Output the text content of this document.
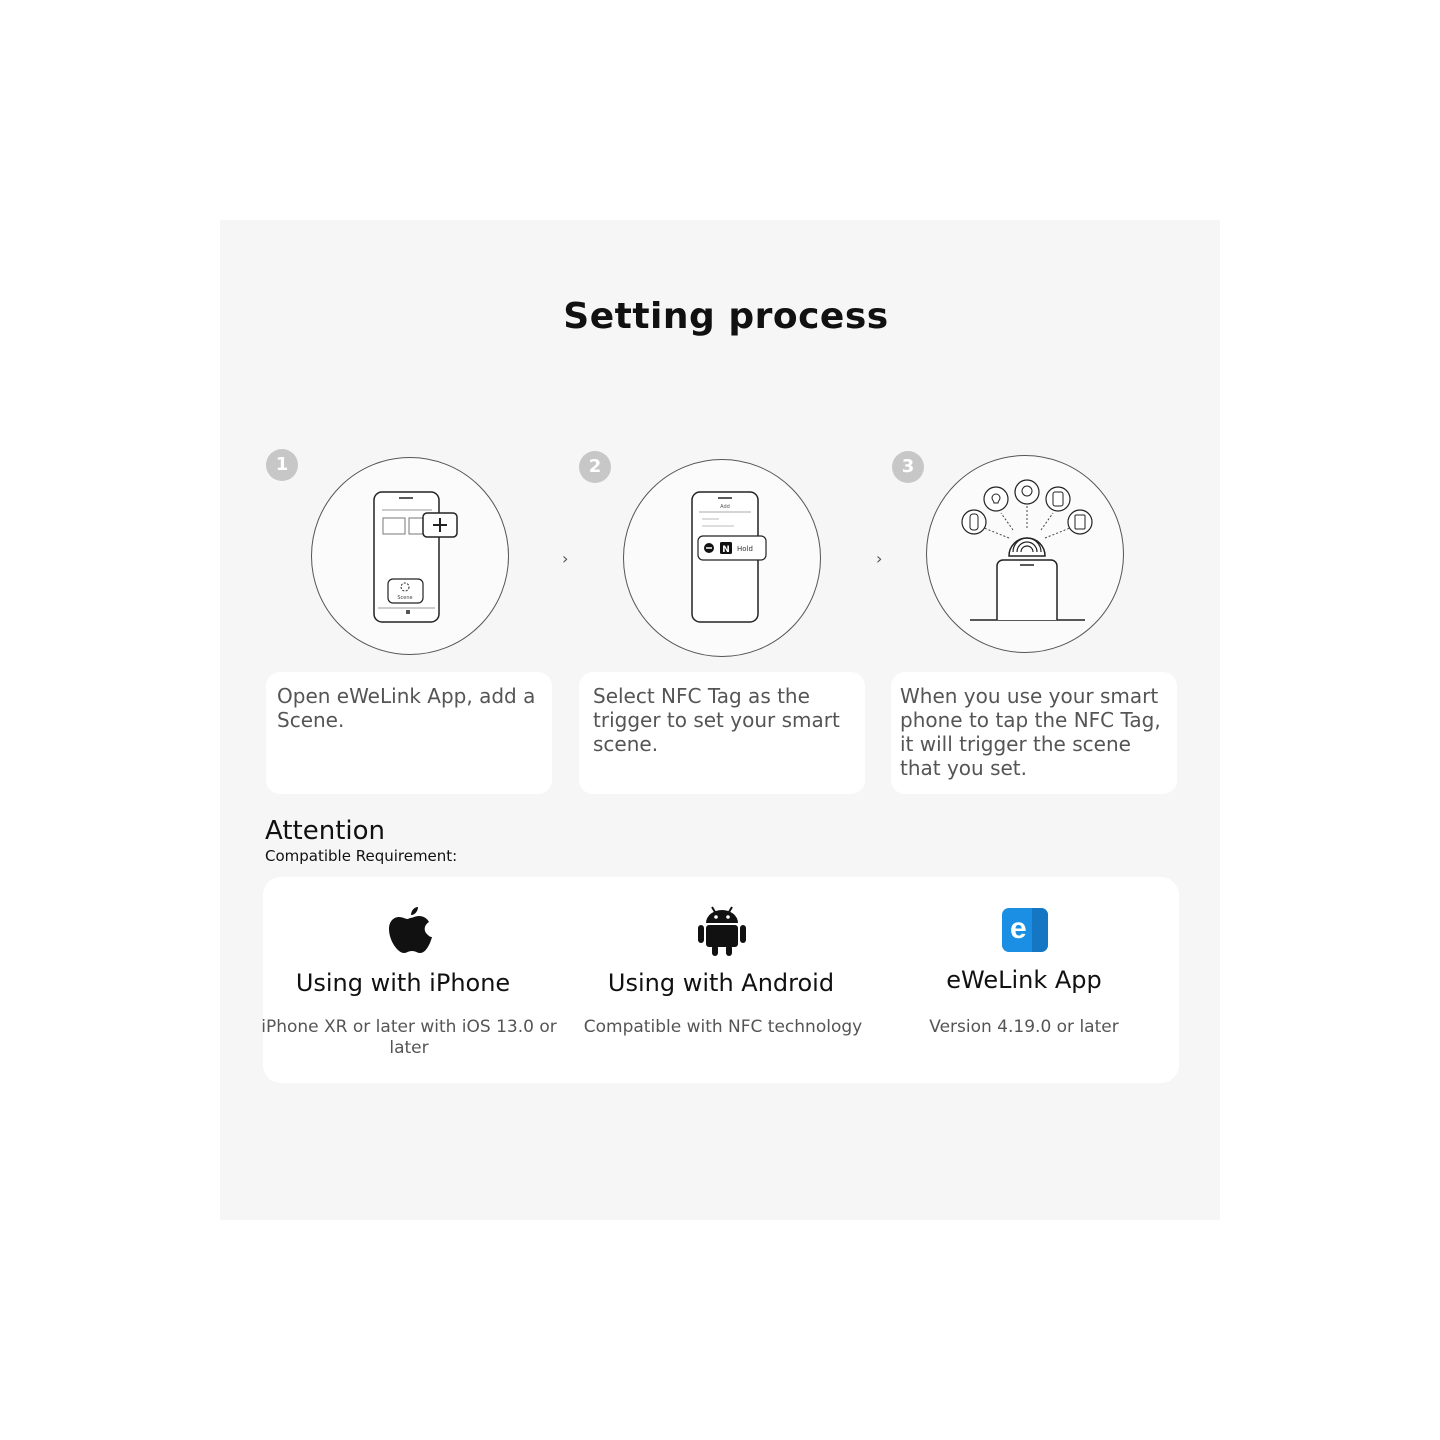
Setting process
1
Scene
›
2
Add
N Hold	›
3

Open eWeLink App, add a Scene.

Select NFC Tag as the trigger to set your smart scene.

When you use your smart phone to tap the NFC Tag, it will trigger the scene that you set.

Attention
Compatible Requirement:
Using with iPhone
iPhone XR or later with iOS 13.0 or later
Using with Android
Compatible with NFC technology
e
eWeLink App
Version 4.19.0 or later
